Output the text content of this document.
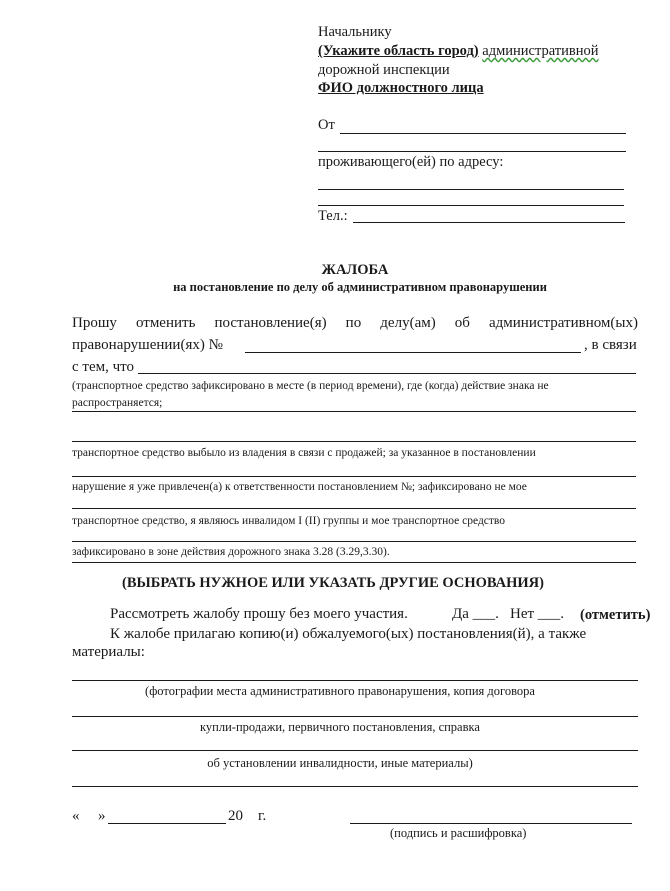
Начальнику
(Укажите область город) административной
дорожной инспекции
ФИО должностного лица
От
проживающего(ей) по адресу:
Тел.:
ЖАЛОБА
на постановление по делу об административном правонарушении
Прошу отменить постановление(я) по делу(ам) об административном(ых)
правонарушении(ях) №	, в связи
с тем, что
(транспортное средство зафиксировано в месте (в период времени), где (когда) действие знака не
распространяется;
транспортное средство выбыло из владения в связи с продажей; за указанное в постановлении
нарушение я уже привлечен(а) к ответственности постановлением №; зафиксировано не мое
транспортное средство, я являюсь инвалидом I (II) группы и мое транспортное средство
зафиксировано в зоне действия дорожного знака 3.28 (3.29,3.30).
(ВЫБРАТЬ НУЖНОЕ ИЛИ УКАЗАТЬ ДРУГИЕ ОСНОВАНИЯ)
Рассмотреть жалобу прошу без моего участия.	Да ___. Нет ___. (отметить)
К жалобе прилагаю копию(и) обжалуемого(ых) постановления(й), а также
материалы:
(фотографии места административного правонарушения, копия договора
купли-продажи, первичного постановления, справка
об установлении инвалидности, иные материалы)
« »	20 г.
(подпись и расшифровка)
